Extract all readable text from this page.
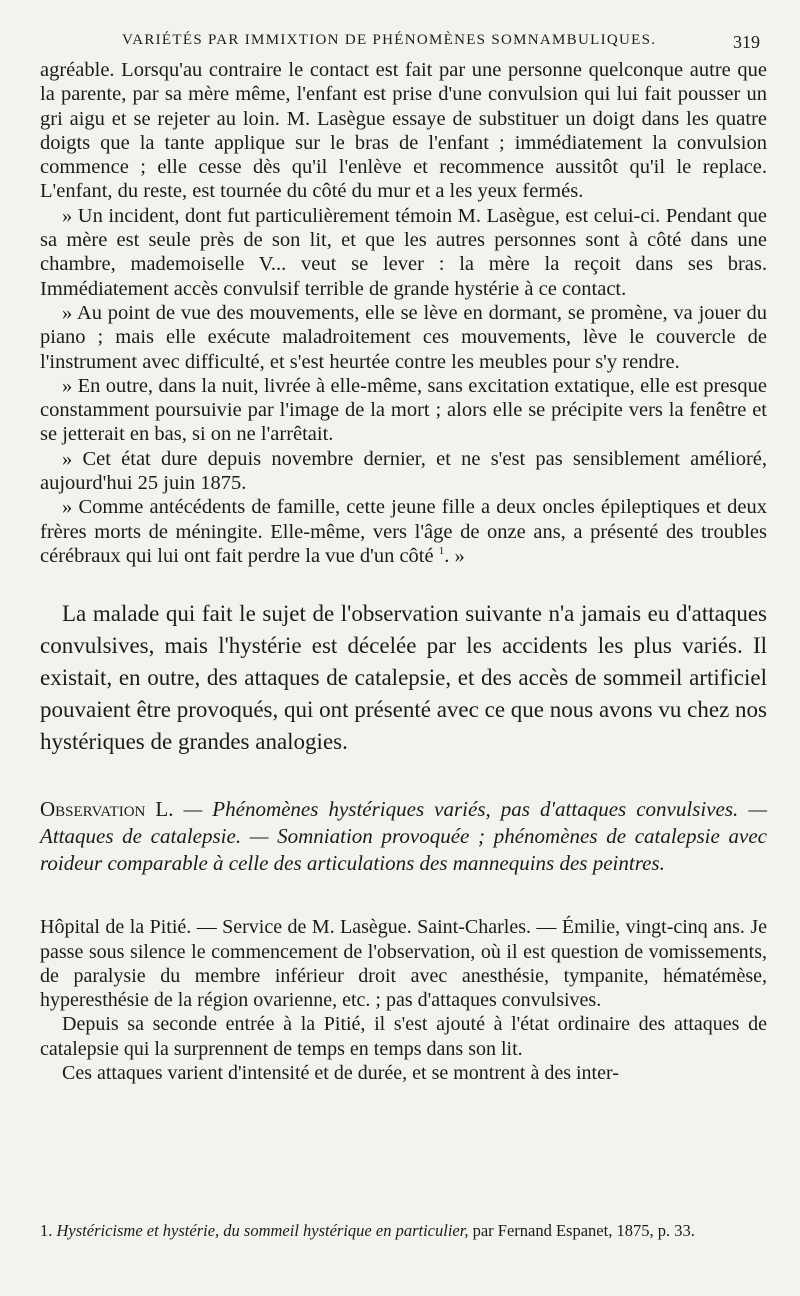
VARIÉTÉS PAR IMMIXTION DE PHÉNOMÈNES SOMNAMBULIQUES.	319

agréable. Lorsqu'au contraire le contact est fait par une personne quelconque autre que la parente, par sa mère même, l'enfant est prise d'une convulsion qui lui fait pousser un gri aigu et se rejeter au loin. M. Lasègue essaye de substituer un doigt dans les quatre doigts que la tante applique sur le bras de l'enfant ; immédiatement la convulsion commence ; elle cesse dès qu'il l'enlève et recommence aussitôt qu'il le replace. L'enfant, du reste, est tournée du côté du mur et a les yeux fermés.

» Un incident, dont fut particulièrement témoin M. Lasègue, est celui-ci. Pendant que sa mère est seule près de son lit, et que les autres personnes sont à côté dans une chambre, mademoiselle V... veut se lever : la mère la reçoit dans ses bras. Immédiatement accès convulsif terrible de grande hystérie à ce contact.

» Au point de vue des mouvements, elle se lève en dormant, se promène, va jouer du piano ; mais elle exécute maladroitement ces mouvements, lève le couvercle de l'instrument avec difficulté, et s'est heurtée contre les meubles pour s'y rendre.

» En outre, dans la nuit, livrée à elle-même, sans excitation extatique, elle est presque constamment poursuivie par l'image de la mort ; alors elle se précipite vers la fenêtre et se jetterait en bas, si on ne l'arrêtait.

» Cet état dure depuis novembre dernier, et ne s'est pas sensiblement amélioré, aujourd'hui 25 juin 1875.

» Comme antécédents de famille, cette jeune fille a deux oncles épileptiques et deux frères morts de méningite. Elle-même, vers l'âge de onze ans, a présenté des troubles cérébraux qui lui ont fait perdre la vue d'un côté $^1$. »

La malade qui fait le sujet de l'observation suivante n'a jamais eu d'attaques convulsives, mais l'hystérie est décelée par les accidents les plus variés. Il existait, en outre, des attaques de catalepsie, et des accès de sommeil artificiel pouvaient être provoqués, qui ont présenté avec ce que nous avons vu chez nos hystériques de grandes analogies.

Observation L. — Phénomènes hystériques variés, pas d'attaques convulsives. — Attaques de catalepsie. — Somniation provoquée ; phénomènes de catalepsie avec roideur comparable à celle des articulations des mannequins des peintres.

Hôpital de la Pitié. — Service de M. Lasègue. Saint-Charles. — Émilie, vingt-cinq ans. Je passe sous silence le commencement de l'observation, où il est question de vomissements, de paralysie du membre inférieur droit avec anesthésie, tympanite, hématémèse, hyperesthésie de la région ovarienne, etc. ; pas d'attaques convulsives.

Depuis sa seconde entrée à la Pitié, il s'est ajouté à l'état ordinaire des attaques de catalepsie qui la surprennent de temps en temps dans son lit.

Ces attaques varient d'intensité et de durée, et se montrent à des inter-

1. Hystéricisme et hystérie, du sommeil hystérique en particulier, par Fernand Espanet, 1875, p. 33.
